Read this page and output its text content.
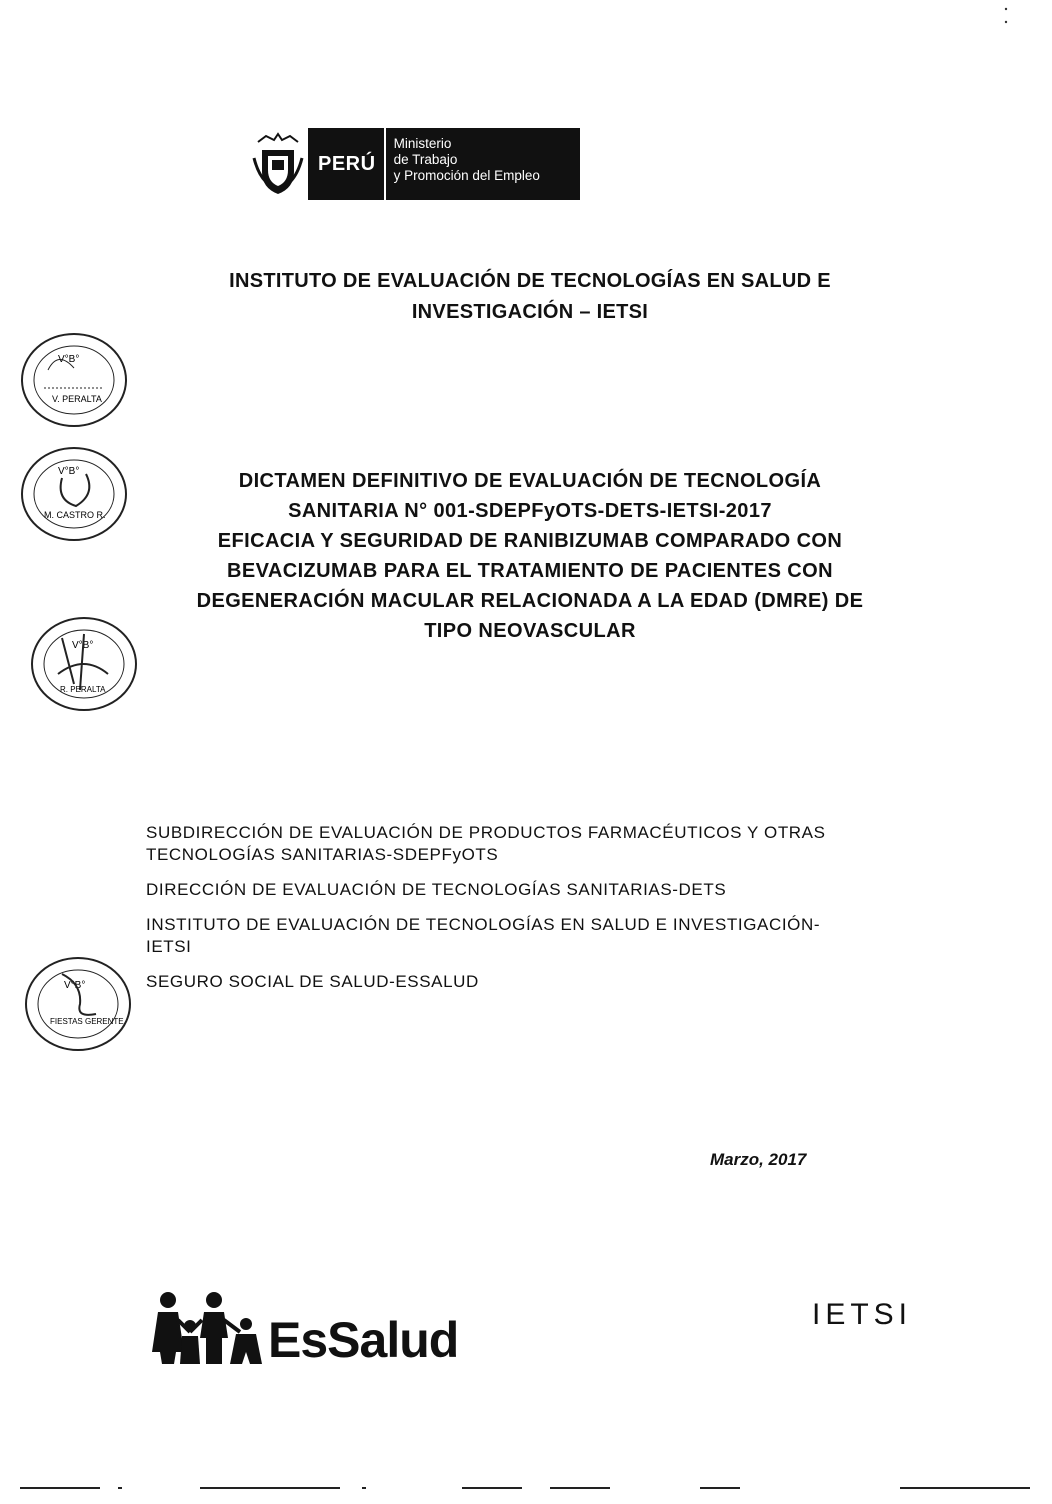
PERÚ
Ministerio
de Trabajo
y Promoción del Empleo
INSTITUTO DE EVALUACIÓN DE TECNOLOGÍAS EN SALUD E
INVESTIGACIÓN – IETSI
DICTAMEN DEFINITIVO DE EVALUACIÓN DE TECNOLOGÍA
SANITARIA N° 001-SDEPFyOTS-DETS-IETSI-2017
EFICACIA Y SEGURIDAD DE RANIBIZUMAB COMPARADO CON
BEVACIZUMAB PARA EL TRATAMIENTO DE PACIENTES CON
DEGENERACIÓN MACULAR RELACIONADA A LA EDAD (DMRE) DE
TIPO NEOVASCULAR
V°B°
V. PERALTA
V°B°
M. CASTRO R.
V°B°
R. PERALTA
V°B°
FIESTAS GERENTE

SUBDIRECCIÓN DE EVALUACIÓN DE PRODUCTOS FARMACÉUTICOS Y OTRAS
TECNOLOGÍAS SANITARIAS-SDEPFyOTS

DIRECCIÓN DE EVALUACIÓN DE TECNOLOGÍAS SANITARIAS-DETS

INSTITUTO DE EVALUACIÓN DE TECNOLOGÍAS EN SALUD E INVESTIGACIÓN-
IETSI

SEGURO SOCIAL DE SALUD-ESSALUD

Marzo, 2017
EsSalud	IETSI
